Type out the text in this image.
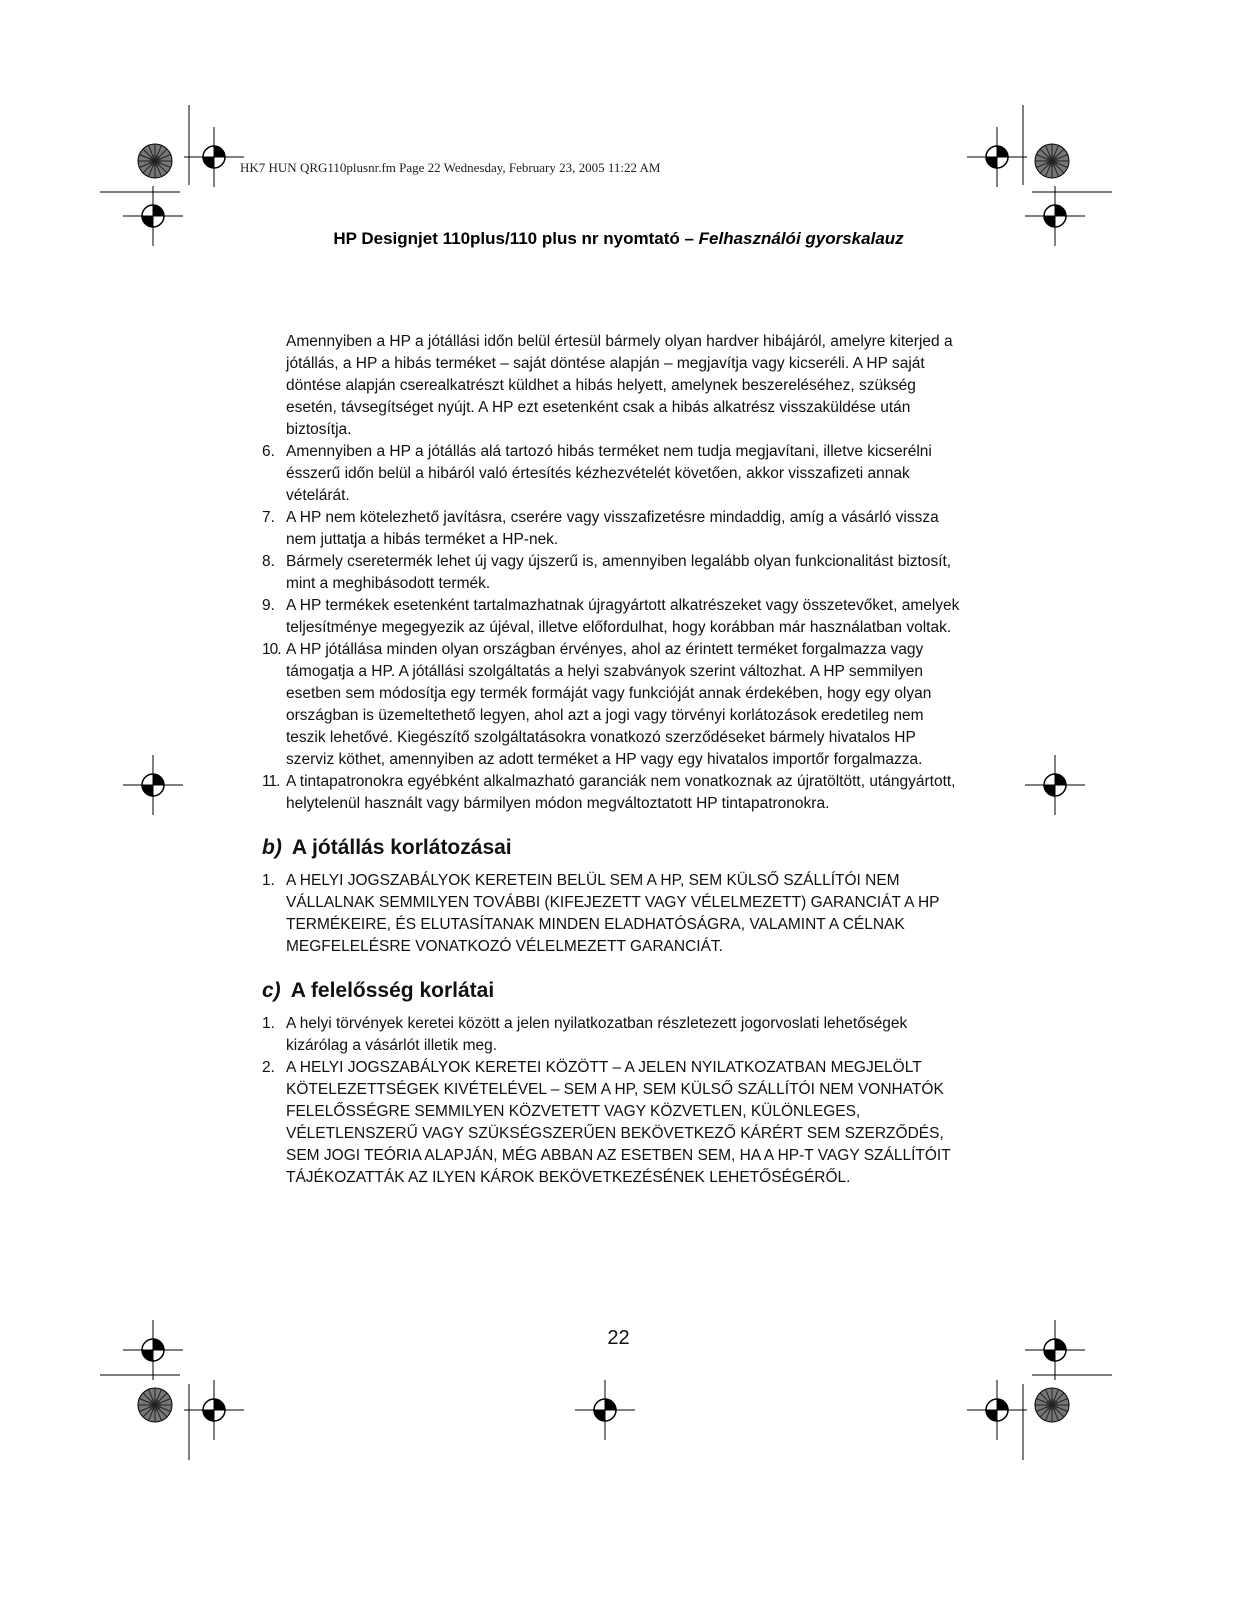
HK7 HUN QRG110plusnr.fm Page 22 Wednesday, February 23, 2005 11:22 AM
HP Designjet 110plus/110 plus nr nyomtató – Felhasználói gyorskalauz

Amennyiben a HP a jótállási időn belül értesül bármely olyan hardver hibájáról, amelyre kiterjed a jótállás, a HP a hibás terméket – saját döntése alapján – megjavítja vagy kicseréli. A HP saját döntése alapján cserealkatrészt küldhet a hibás helyett, amelynek beszereléséhez, szükség esetén, távsegítséget nyújt. A HP ezt esetenként csak a hibás alkatrész visszaküldése után biztosítja.

6. Amennyiben a HP a jótállás alá tartozó hibás terméket nem tudja megjavítani, illetve kicserélni ésszerű időn belül a hibáról való értesítés kézhezvételét követően, akkor visszafizeti annak vételárát.
7. A HP nem kötelezhető javításra, cserére vagy visszafizetésre mindaddig, amíg a vásárló vissza nem juttatja a hibás terméket a HP-nek.
8. Bármely cseretermék lehet új vagy újszerű is, amennyiben legalább olyan funkcionalitást biztosít, mint a meghibásodott termék.
9. A HP termékek esetenként tartalmazhatnak újragyártott alkatrészeket vagy összetevőket, amelyek teljesítménye megegyezik az újéval, illetve előfordulhat, hogy korábban már használatban voltak.
10. A HP jótállása minden olyan országban érvényes, ahol az érintett terméket forgalmazza vagy támogatja a HP. A jótállási szolgáltatás a helyi szabványok szerint változhat. A HP semmilyen esetben sem módosítja egy termék formáját vagy funkcióját annak érdekében, hogy egy olyan országban is üzemeltethető legyen, ahol azt a jogi vagy törvényi korlátozások eredetileg nem teszik lehetővé. Kiegészítő szolgáltatásokra vonatkozó szerződéseket bármely hivatalos HP szerviz köthet, amennyiben az adott terméket a HP vagy egy hivatalos importőr forgalmazza.
11. A tintapatronokra egyébként alkalmazható garanciák nem vonatkoznak az újratöltött, utángyártott, helytelenül használt vagy bármilyen módon megváltoztatott HP tintapatronokra.
b) A jótállás korlátozásai
1. A HELYI JOGSZABÁLYOK KERETEIN BELÜL SEM A HP, SEM KÜLSŐ SZÁLLÍTÓI NEM VÁLLALNAK SEMMILYEN TOVÁBBI (KIFEJEZETT VAGY VÉLELMEZETT) GARANCIÁT A HP TERMÉKEIRE, ÉS ELUTASÍTANAK MINDEN ELADHATÓSÁGRA, VALAMINT A CÉLNAK MEGFELELÉSRE VONATKOZÓ VÉLELMEZETT GARANCIÁT.
c) A felelősség korlátai
1. A helyi törvények keretei között a jelen nyilatkozatban részletezett jogorvoslati lehetőségek kizárólag a vásárlót illetik meg.
2. A HELYI JOGSZABÁLYOK KERETEI KÖZÖTT – A JELEN NYILATKOZATBAN MEGJELÖLT KÖTELEZETTSÉGEK KIVÉTELÉVEL – SEM A HP, SEM KÜLSŐ SZÁLLÍTÓI NEM VONHATÓK FELELŐSSÉGRE SEMMILYEN KÖZVETETT VAGY KÖZVETLEN, KÜLÖNLEGES, VÉLETLENSZERŰ VAGY SZÜKSÉGSZERŰEN BEKÖVETKEZŐ KÁRÉRT SEM SZERZŐDÉS, SEM JOGI TEÓRIA ALAPJÁN, MÉG ABBAN AZ ESETBEN SEM, HA A HP-T VAGY SZÁLLÍTÓIT TÁJÉKOZATTÁK AZ ILYEN KÁROK BEKÖVETKEZÉSÉNEK LEHETŐSÉGÉRŐL.
22
